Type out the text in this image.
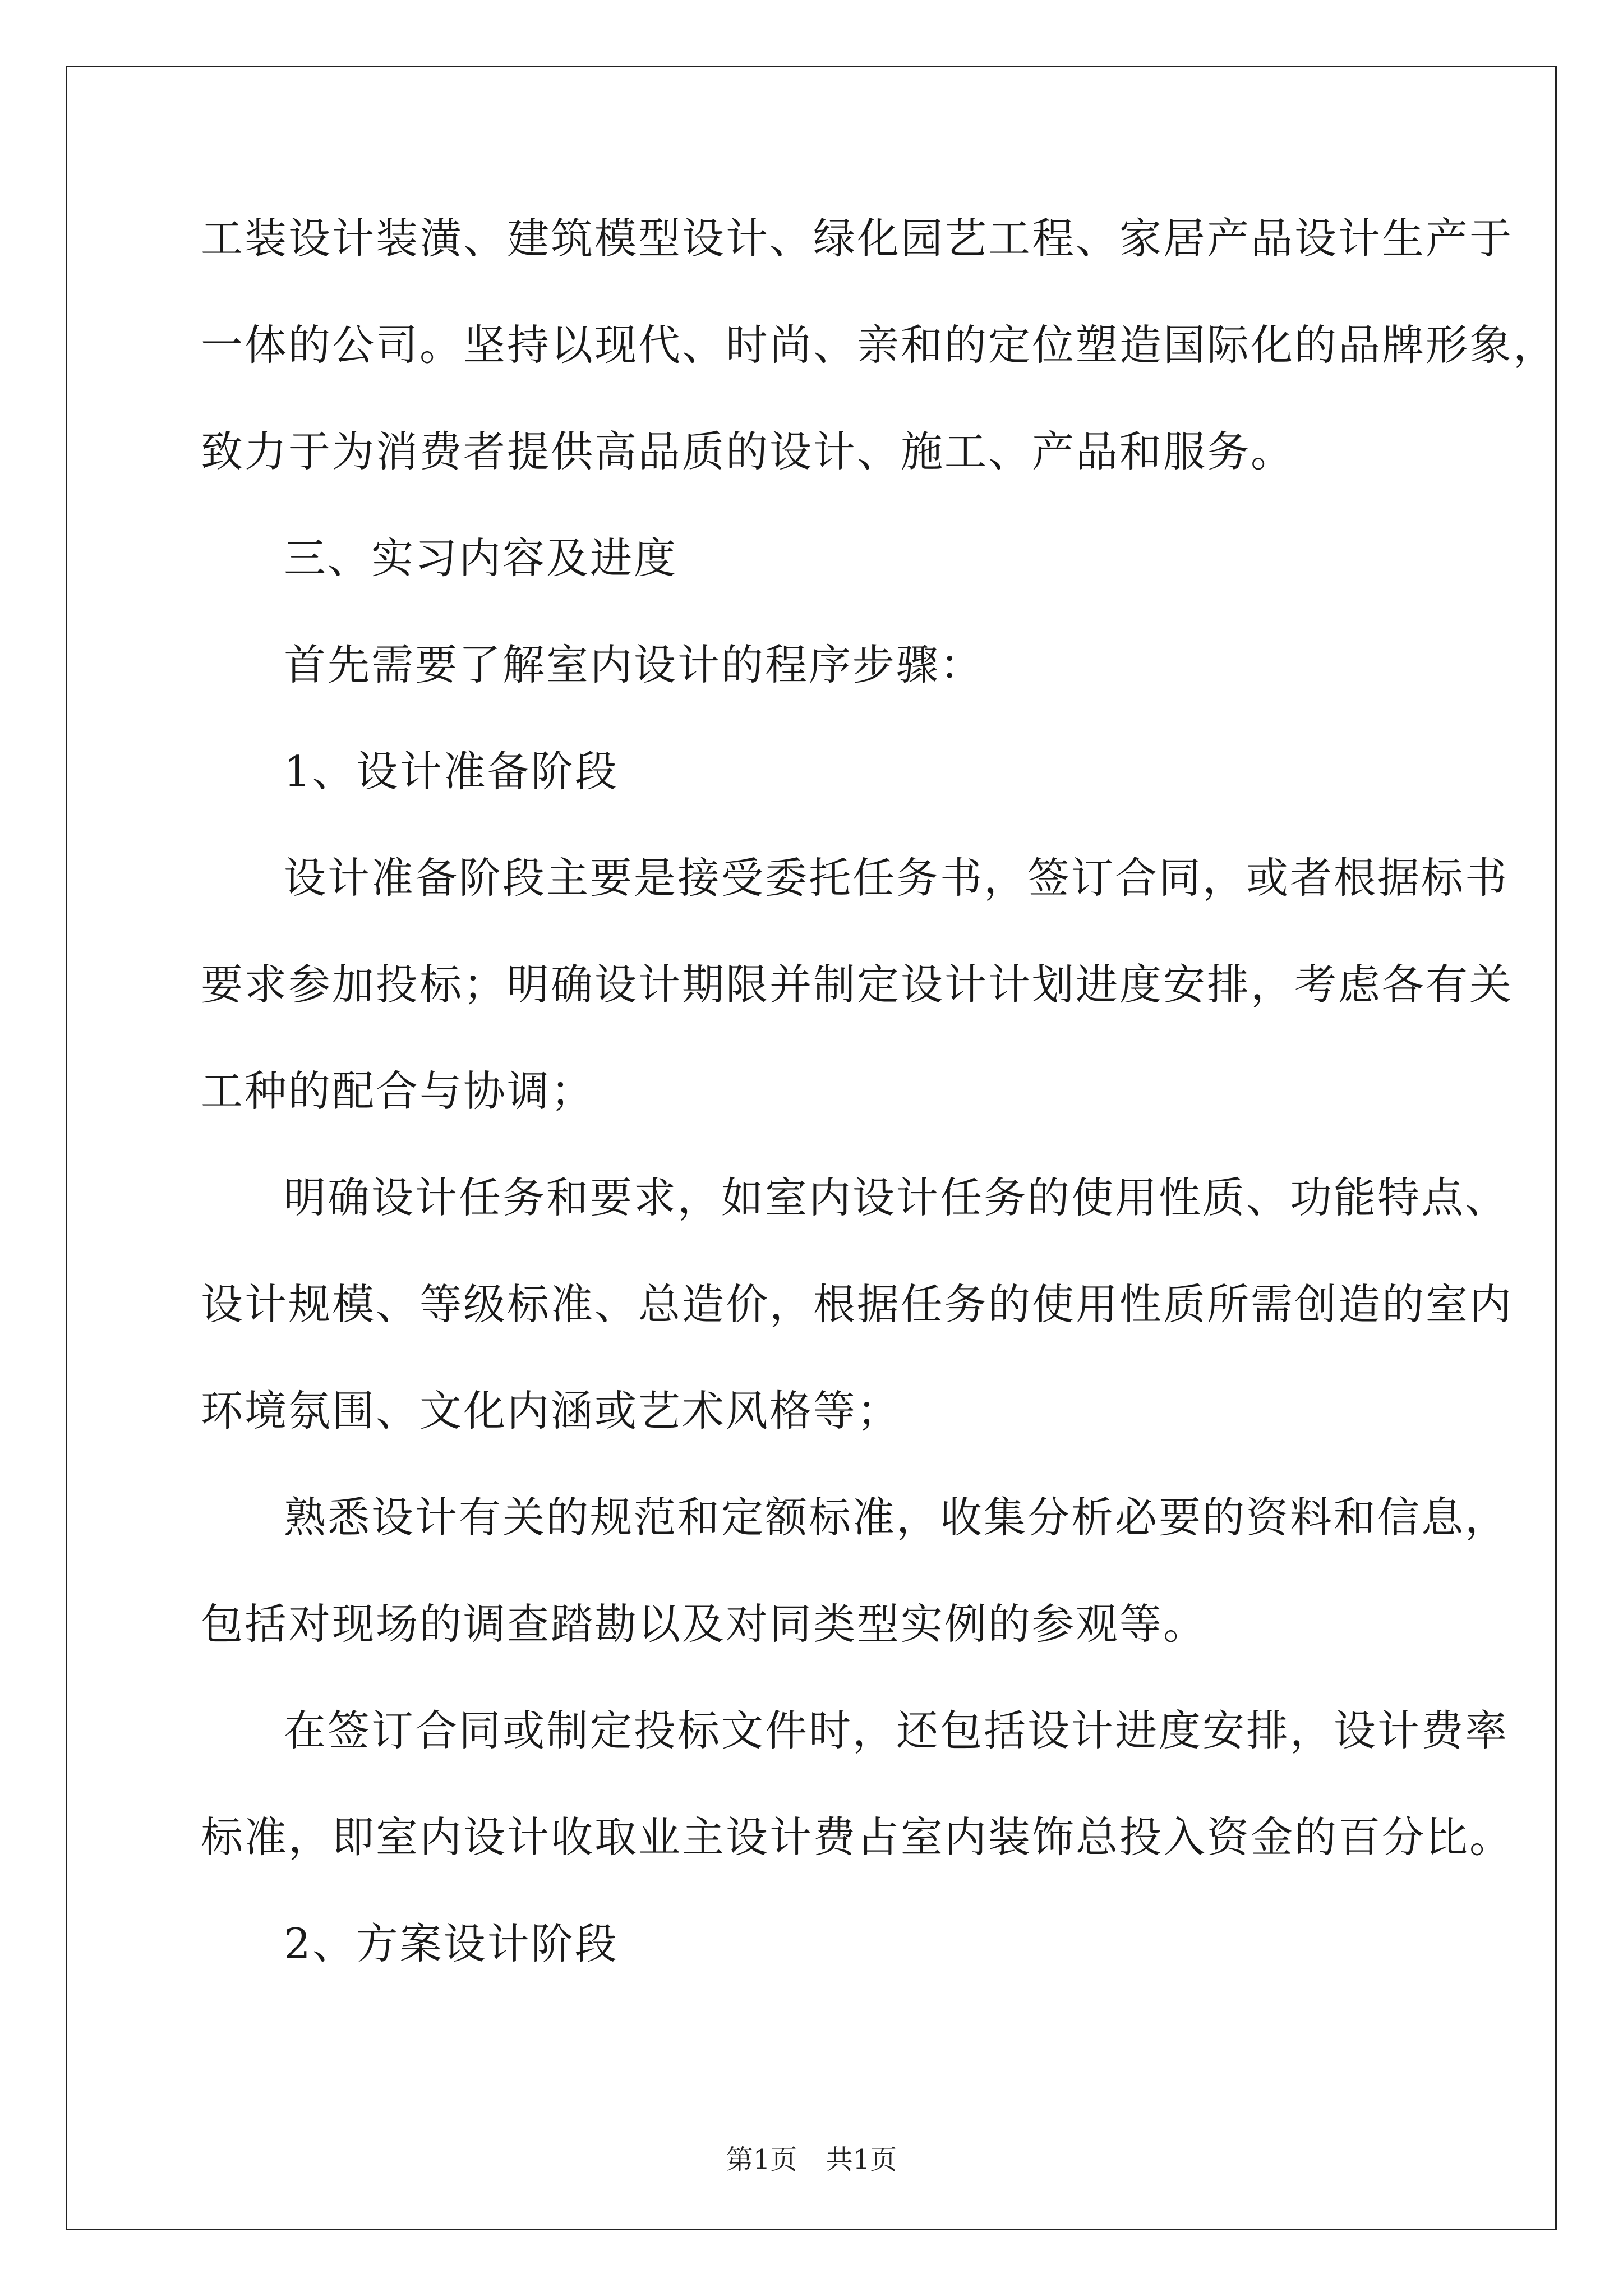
工装设计装潢、建筑模型设计、绿化园艺工程、家居产品设计生产于
一体的公司。坚持以现代、时尚、亲和的定位塑造国际化的品牌形象，
致力于为消费者提供高品质的设计、施工、产品和服务。
三、实习内容及进度
首先需要了解室内设计的程序步骤：
1、设计准备阶段
设计准备阶段主要是接受委托任务书，签订合同，或者根据标书
要求参加投标；明确设计期限并制定设计计划进度安排，考虑各有关
工种的配合与协调；
明确设计任务和要求，如室内设计任务的使用性质、功能特点、
设计规模、等级标准、总造价，根据任务的使用性质所需创造的室内
环境氛围、文化内涵或艺术风格等；
熟悉设计有关的规范和定额标准，收集分析必要的资料和信息，
包括对现场的调查踏勘以及对同类型实例的参观等。
在签订合同或制定投标文件时，还包括设计进度安排，设计费率
标准，即室内设计收取业主设计费占室内装饰总投入资金的百分比。
2、方案设计阶段
第1页 共1页
